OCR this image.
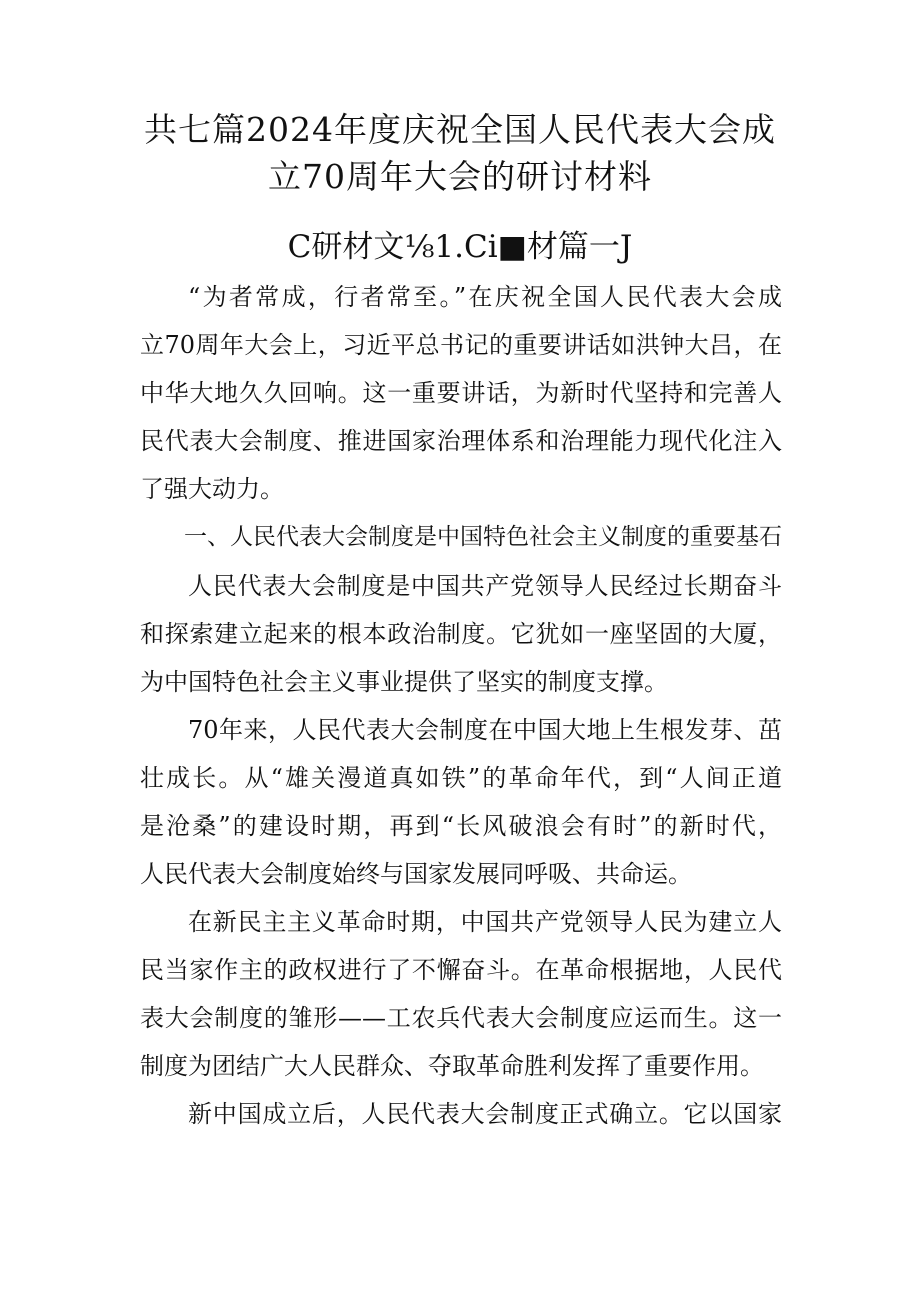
共七篇2024年度庆祝全国人民代表大会成
立70周年大会的研讨材料
C研材文⅛1.Ci■材篇一J
“为者常成，行者常至。”在庆祝全国人民代表大会成
立70周年大会上，习近平总书记的重要讲话如洪钟大吕，在
中华大地久久回响。这一重要讲话，为新时代坚持和完善人
民代表大会制度、推进国家治理体系和治理能力现代化注入
了强大动力。
一、人民代表大会制度是中国特色社会主义制度的重要基石
人民代表大会制度是中国共产党领导人民经过长期奋斗
和探索建立起来的根本政治制度。它犹如一座坚固的大厦，
为中国特色社会主义事业提供了坚实的制度支撑。
70年来，人民代表大会制度在中国大地上生根发芽、茁
壮成长。从“雄关漫道真如铁”的革命年代，到“人间正道
是沧桑”的建设时期，再到“长风破浪会有时”的新时代，
人民代表大会制度始终与国家发展同呼吸、共命运。
在新民主主义革命时期，中国共产党领导人民为建立人
民当家作主的政权进行了不懈奋斗。在革命根据地，人民代
表大会制度的雏形——工农兵代表大会制度应运而生。这一
制度为团结广大人民群众、夺取革命胜利发挥了重要作用。
新中国成立后，人民代表大会制度正式确立。它以国家
